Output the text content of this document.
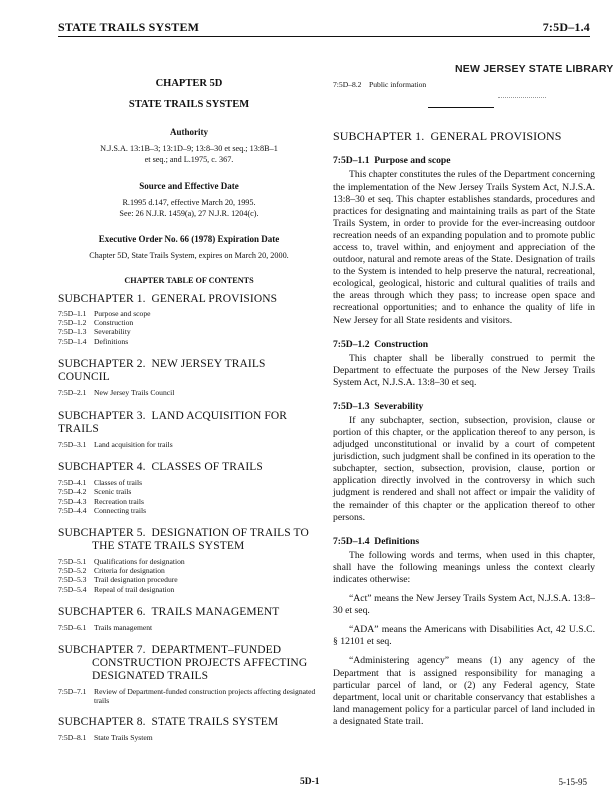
STATE TRAILS SYSTEM	7:5D–1.4
NEW JERSEY STATE LIBRARY
CHAPTER 5D
STATE TRAILS SYSTEM
Authority
N.J.S.A. 13:1B–3; 13:1D–9; 13:8–30 et seq.; 13:8B–1 et seq.; and L.1975, c. 367.
Source and Effective Date
R.1995 d.147, effective March 20, 1995.
See: 26 N.J.R. 1459(a), 27 N.J.R. 1204(c).
Executive Order No. 66 (1978) Expiration Date
Chapter 5D, State Trails System, expires on March 20, 2000.
CHAPTER TABLE OF CONTENTS
SUBCHAPTER 1.  GENERAL PROVISIONS
7:5D–1.1 Purpose and scope
7:5D–1.2 Construction
7:5D–1.3 Severability
7:5D–1.4 Definitions
SUBCHAPTER 2.  NEW JERSEY TRAILS COUNCIL
7:5D–2.1 New Jersey Trails Council
SUBCHAPTER 3.  LAND ACQUISITION FOR TRAILS
7:5D–3.1 Land acquisition for trails
SUBCHAPTER 4.  CLASSES OF TRAILS
7:5D–4.1 Classes of trails
7:5D–4.2 Scenic trails
7:5D–4.3 Recreation trails
7:5D–4.4 Connecting trails
SUBCHAPTER 5.  DESIGNATION OF TRAILS TO THE STATE TRAILS SYSTEM
7:5D–5.1 Qualifications for designation
7:5D–5.2 Criteria for designation
7:5D–5.3 Trail designation procedure
7:5D–5.4 Repeal of trail designation
SUBCHAPTER 6.  TRAILS MANAGEMENT
7:5D–6.1 Trails management
SUBCHAPTER 7.  DEPARTMENT–FUNDED CONSTRUCTION PROJECTS AFFECTING DESIGNATED TRAILS
7:5D–7.1 Review of Department-funded construction projects affecting designated trails
SUBCHAPTER 8.  STATE TRAILS SYSTEM
7:5D–8.1 State Trails System
7:5D–8.2 Public information
SUBCHAPTER 1.  GENERAL PROVISIONS
7:5D–1.1  Purpose and scope
This chapter constitutes the rules of the Department concerning the implementation of the New Jersey Trails System Act, N.J.S.A. 13:8–30 et seq. This chapter establishes standards, procedures and practices for designating and maintaining trails as part of the State Trails System, in order to provide for the ever-increasing outdoor recreation needs of an expanding population and to promote public access to, travel within, and enjoyment and appreciation of the outdoor, natural and remote areas of the State. Designation of trails to the System is intended to help preserve the natural, recreational, ecological, geological, historic and cultural qualities of trails and the areas through which they pass; to increase open space and recreational opportunities; and to enhance the quality of life in New Jersey for all State residents and visitors.
7:5D–1.2  Construction
This chapter shall be liberally construed to permit the Department to effectuate the purposes of the New Jersey Trails System Act, N.J.S.A. 13:8–30 et seq.
7:5D–1.3  Severability
If any subchapter, section, subsection, provision, clause or portion of this chapter, or the application thereof to any person, is adjudged unconstitutional or invalid by a court of competent jurisdiction, such judgment shall be confined in its operation to the subchapter, section, subsection, provision, clause, portion or application directly involved in the controversy in which such judgment is rendered and shall not affect or impair the validity of the remainder of this chapter or the application thereof to other persons.
7:5D–1.4  Definitions
The following words and terms, when used in this chapter, shall have the following meanings unless the context clearly indicates otherwise:
“Act” means the New Jersey Trails System Act, N.J.S.A. 13:8–30 et seq.
“ADA” means the Americans with Disabilities Act, 42 U.S.C. § 12101 et seq.
“Administering agency” means (1) any agency of the Department that is assigned responsibility for managing a particular parcel of land, or (2) any Federal agency, State department, local unit or charitable conservancy that establishes a land management policy for a particular parcel of land included in a designated State trail.
5D-1	5-15-95
